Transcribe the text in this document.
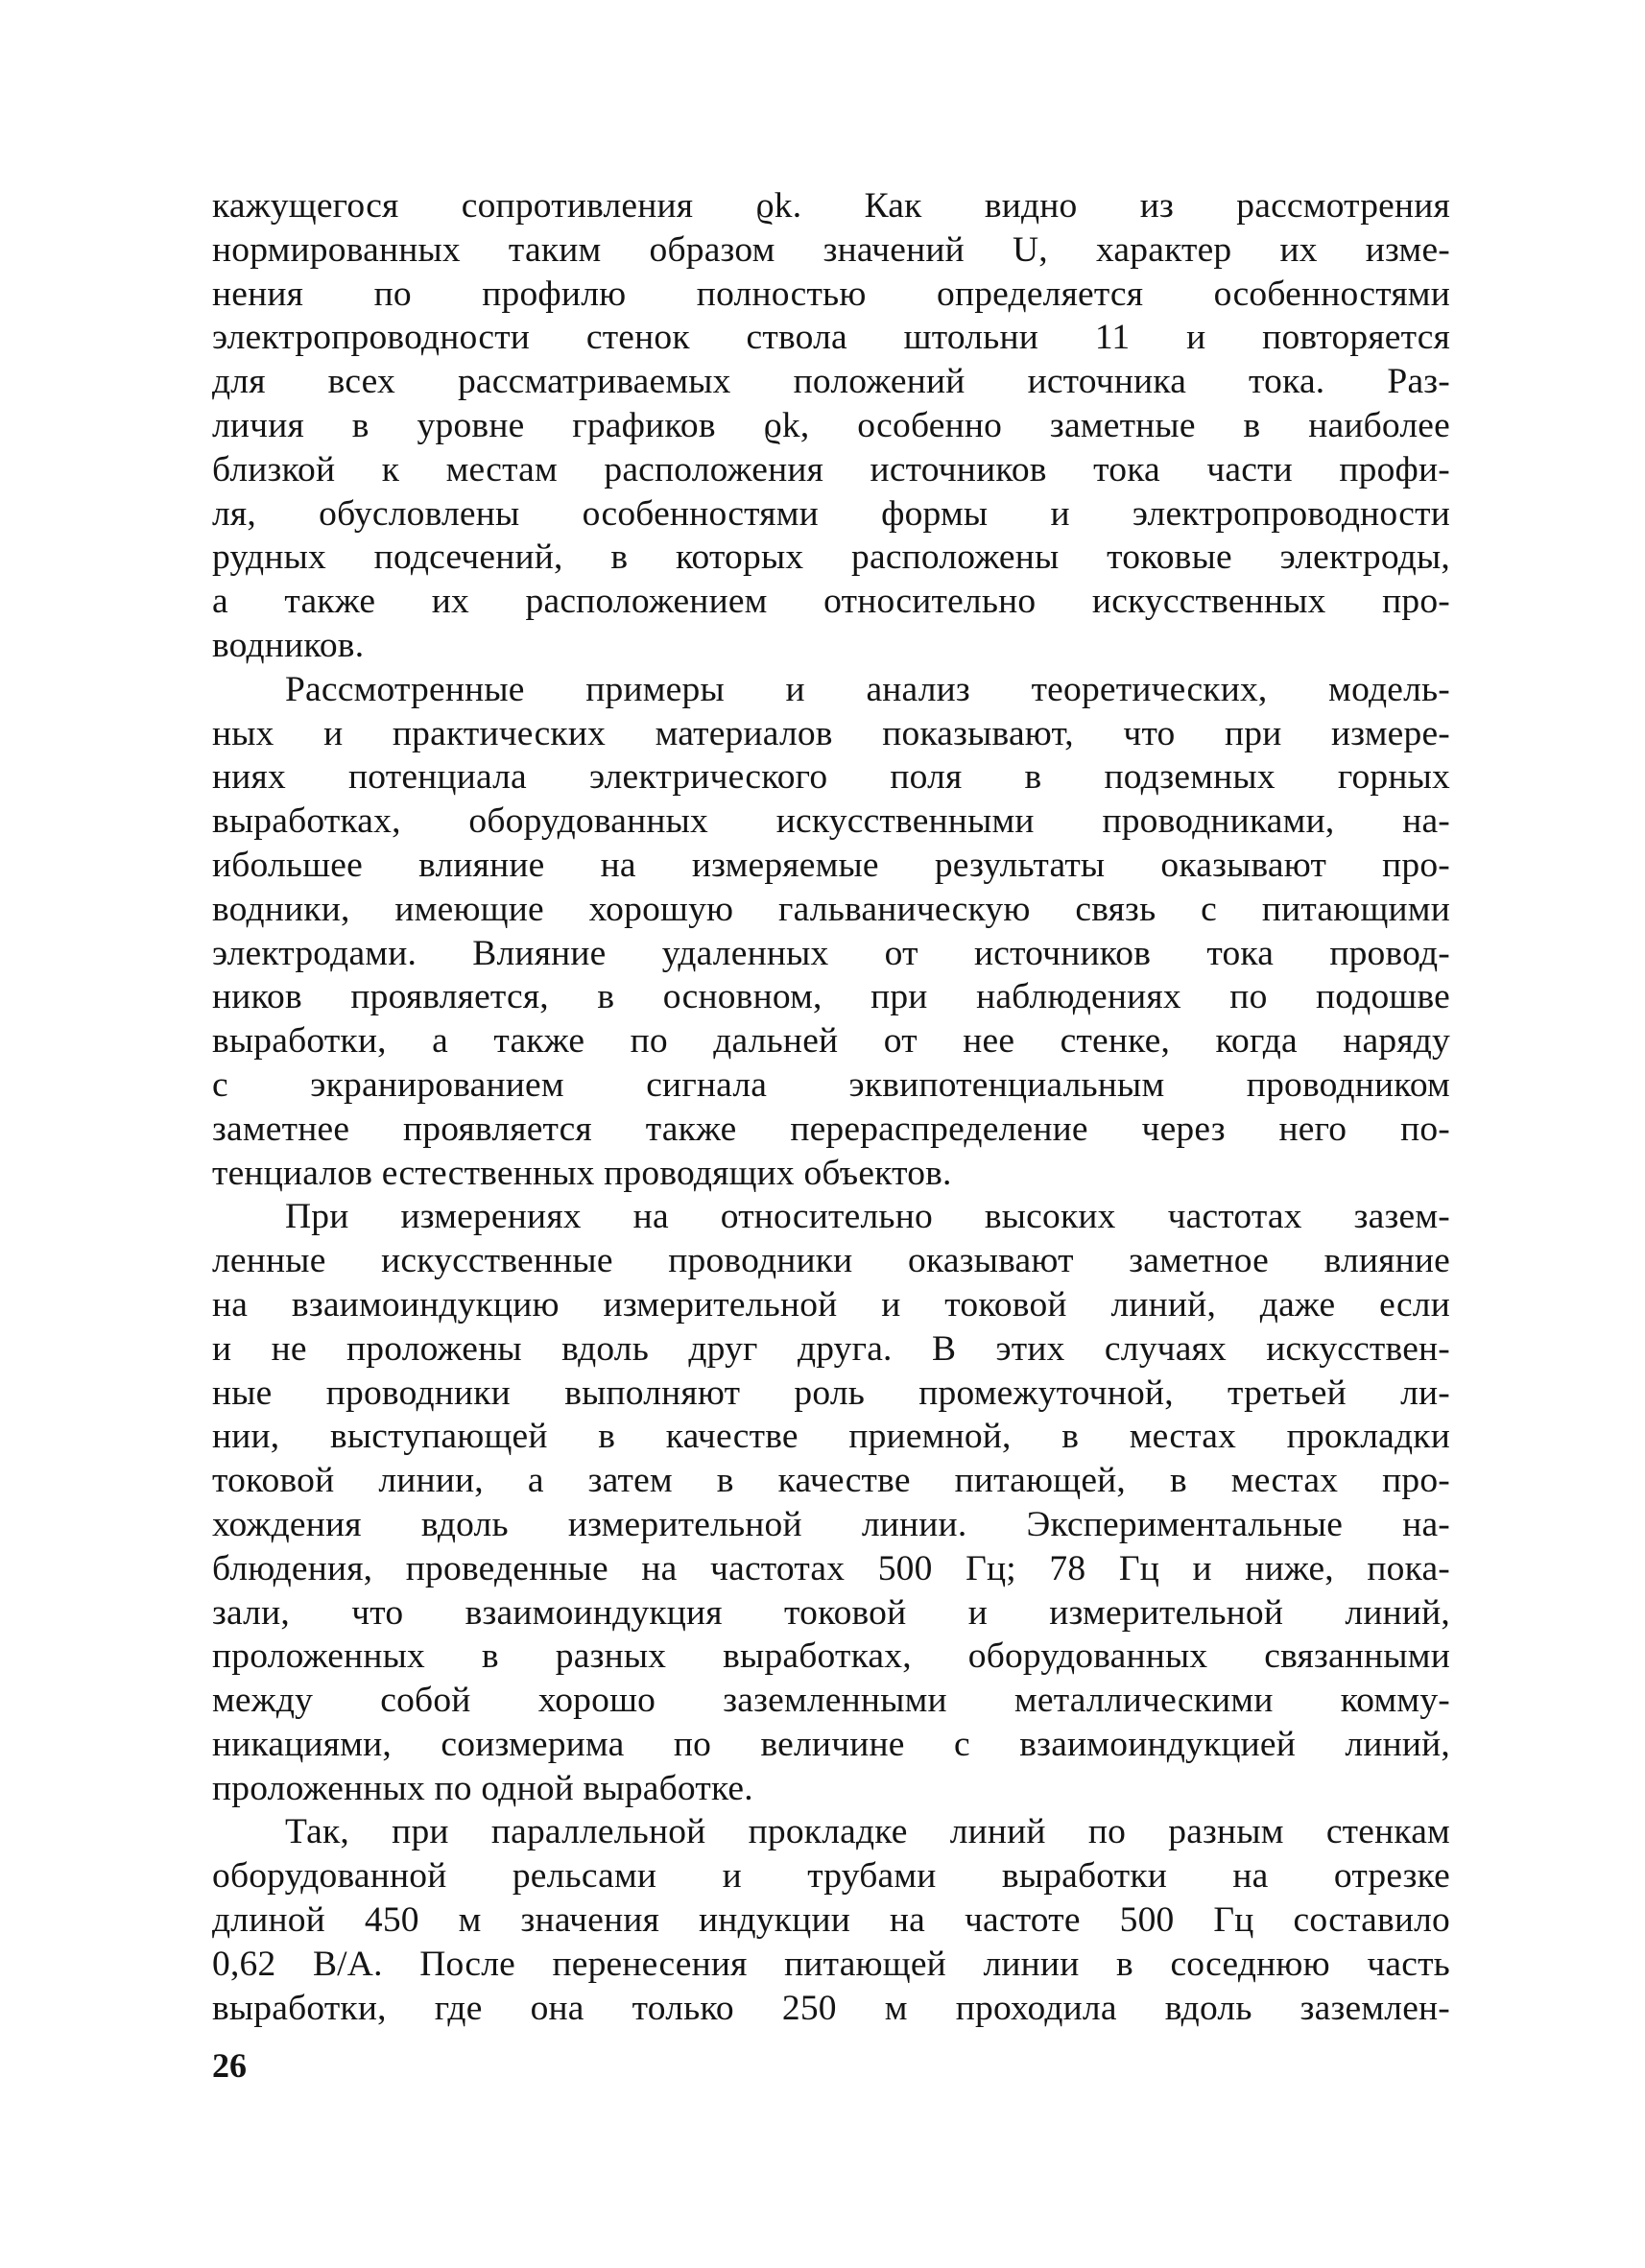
кажущегося сопротивления ϱk. Как видно из рассмотрения
нормированных таким образом значений U, характер их изме-
нения по профилю полностью определяется особенностями
электропроводности стенок ствола штольни 11 и повторяется
для всех рассматриваемых положений источника тока. Раз-
личия в уровне графиков ϱk, особенно заметные в наиболее
близкой к местам расположения источников тока части профи-
ля, обусловлены особенностями формы и электропроводности
рудных подсечений, в которых расположены токовые электроды,
а также их расположением относительно искусственных про-
водников.

Рассмотренные примеры и анализ теоретических, модель-
ных и практических материалов показывают, что при измере-
ниях потенциала электрического поля в подземных горных
выработках, оборудованных искусственными проводниками, на-
ибольшее влияние на измеряемые результаты оказывают про-
водники, имеющие хорошую гальваническую связь с питающими
электродами. Влияние удаленных от источников тока провод-
ников проявляется, в основном, при наблюдениях по подошве
выработки, а также по дальней от нее стенке, когда наряду
с экранированием сигнала эквипотенциальным проводником
заметнее проявляется также перераспределение через него по-
тенциалов естественных проводящих объектов.

При измерениях на относительно высоких частотах зазем-
ленные искусственные проводники оказывают заметное влияние
на взаимоиндукцию измерительной и токовой линий, даже если
и не проложены вдоль друг друга. В этих случаях искусствен-
ные проводники выполняют роль промежуточной, третьей ли-
нии, выступающей в качестве приемной, в местах прокладки
токовой линии, а затем в качестве питающей, в местах про-
хождения вдоль измерительной линии. Экспериментальные на-
блюдения, проведенные на частотах 500 Гц; 78 Гц и ниже, пока-
зали, что взаимоиндукция токовой и измерительной линий,
проложенных в разных выработках, оборудованных связанными
между собой хорошо заземленными металлическими комму-
никациями, соизмерима по величине с взаимоиндукцией линий,
проложенных по одной выработке.

Так, при параллельной прокладке линий по разным стенкам
оборудованной рельсами и трубами выработки на отрезке
длиной 450 м значения индукции на частоте 500 Гц составило
0,62 В/А. После перенесения питающей линии в соседнюю часть
выработки, где она только 250 м проходила вдоль заземлен-

26
